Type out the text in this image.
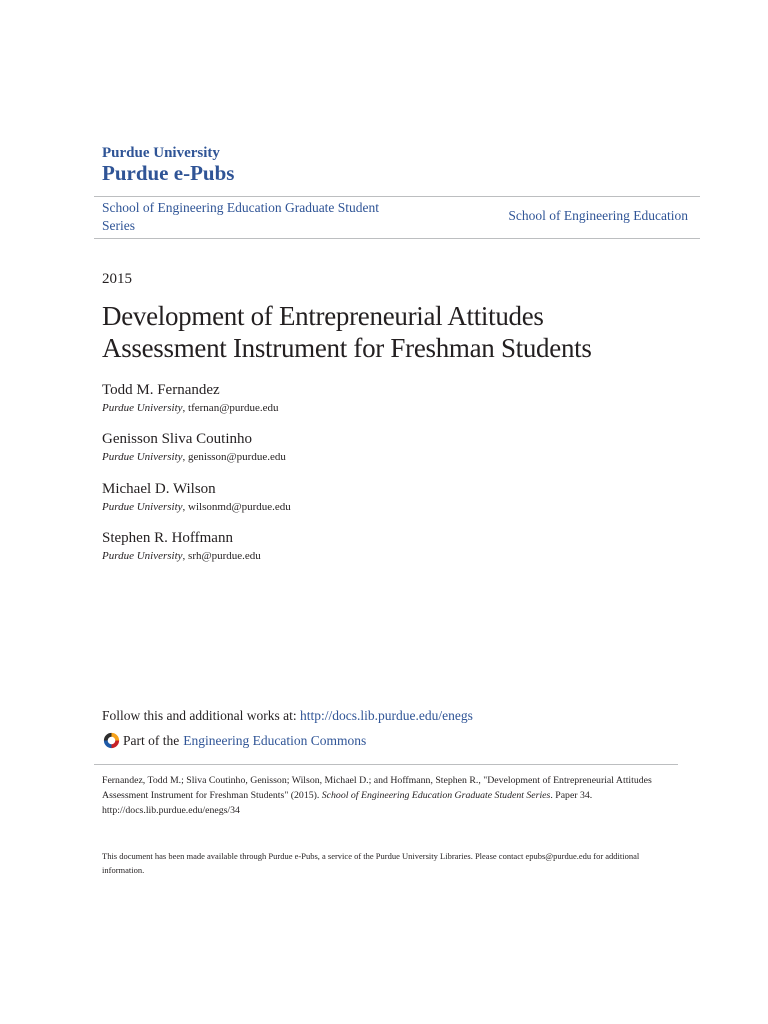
Purdue University
Purdue e-Pubs
School of Engineering Education Graduate Student Series
School of Engineering Education
2015
Development of Entrepreneurial Attitudes
Assessment Instrument for Freshman Students
Todd M. Fernandez
Purdue University, tfernan@purdue.edu
Genisson Sliva Coutinho
Purdue University, genisson@purdue.edu
Michael D. Wilson
Purdue University, wilsonmd@purdue.edu
Stephen R. Hoffmann
Purdue University, srh@purdue.edu
Follow this and additional works at: http://docs.lib.purdue.edu/enegs
Part of the Engineering Education Commons
Fernandez, Todd M.; Sliva Coutinho, Genisson; Wilson, Michael D.; and Hoffmann, Stephen R., "Development of Entrepreneurial Attitudes Assessment Instrument for Freshman Students" (2015). School of Engineering Education Graduate Student Series. Paper 34.
http://docs.lib.purdue.edu/enegs/34
This document has been made available through Purdue e-Pubs, a service of the Purdue University Libraries. Please contact epubs@purdue.edu for additional information.
